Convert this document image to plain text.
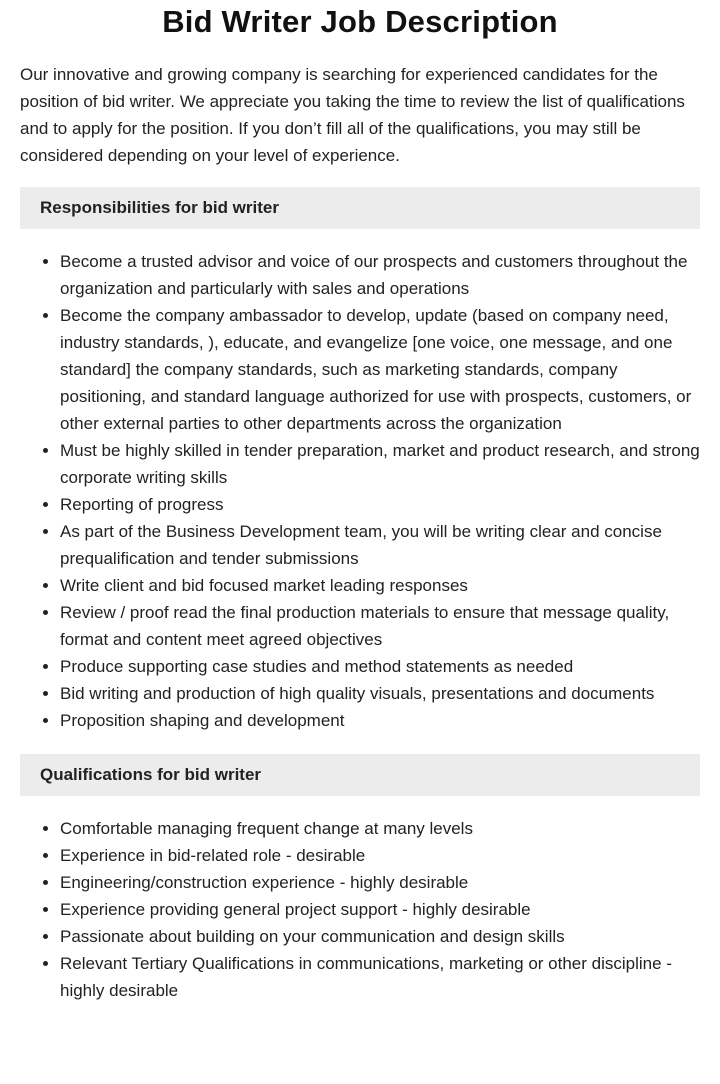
Bid Writer Job Description

Our innovative and growing company is searching for experienced candidates for the position of bid writer. We appreciate you taking the time to review the list of qualifications and to apply for the position. If you don’t fill all of the qualifications, you may still be considered depending on your level of experience.

Responsibilities for bid writer
• Become a trusted advisor and voice of our prospects and customers throughout the organization and particularly with sales and operations
• Become the company ambassador to develop, update (based on company need, industry standards, ), educate, and evangelize [one voice, one message, and one standard] the company standards, such as marketing standards, company positioning, and standard language authorized for use with prospects, customers, or other external parties to other departments across the organization
• Must be highly skilled in tender preparation, market and product research, and strong corporate writing skills
• Reporting of progress
• As part of the Business Development team, you will be writing clear and concise prequalification and tender submissions
• Write client and bid focused market leading responses
• Review / proof read the final production materials to ensure that message quality, format and content meet agreed objectives
• Produce supporting case studies and method statements as needed
• Bid writing and production of high quality visuals, presentations and documents
• Proposition shaping and development
Qualifications for bid writer
• Comfortable managing frequent change at many levels
• Experience in bid-related role - desirable
• Engineering/construction experience - highly desirable
• Experience providing general project support - highly desirable
• Passionate about building on your communication and design skills
• Relevant Tertiary Qualifications in communications, marketing or other discipline - highly desirable
